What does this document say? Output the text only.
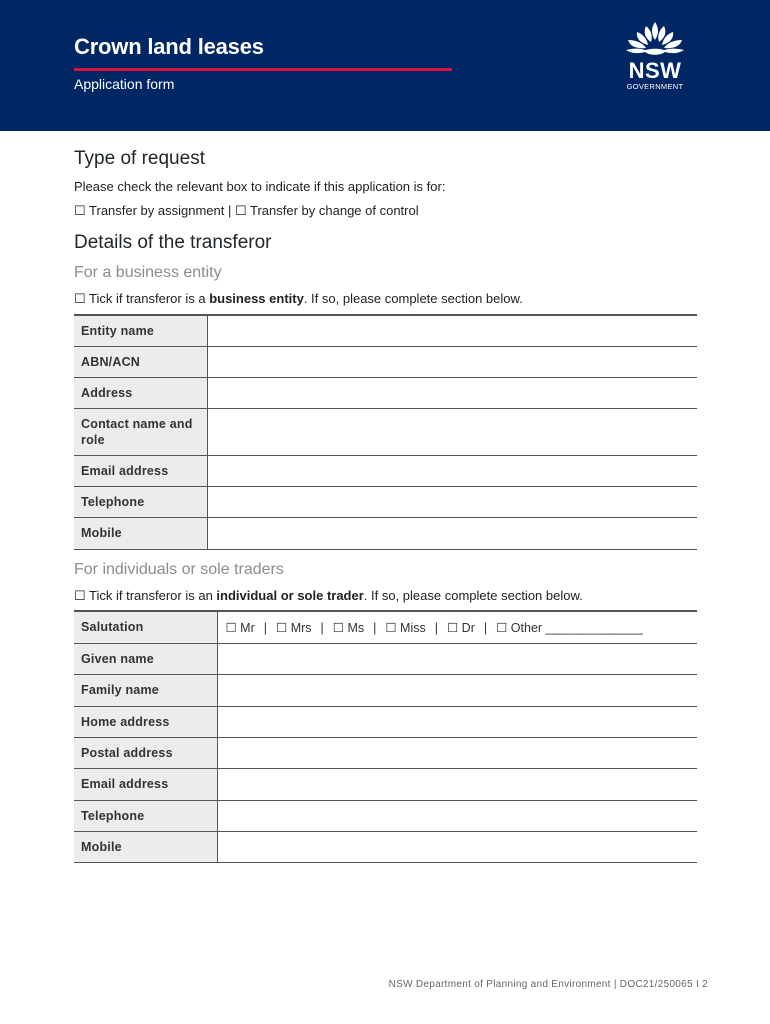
Crown land leases
Application form
NSW
GOVERNMENT
Type of request
Please check the relevant box to indicate if this application is for:
☐ Transfer by assignment | ☐ Transfer by change of control
Details of the transferor
For a business entity
☐ Tick if transferor is a business entity. If so, please complete section below.
Entity name	
ABN/ACN	
Address	
Contact name and role	
Email address	
Telephone	
Mobile	
For individuals or sole traders
☐ Tick if transferor is an individual or sole trader. If so, please complete section below.
Salutation	☐ Mr | ☐ Mrs | ☐ Ms | ☐ Miss | ☐ Dr | ☐ Other ______________
Given name	
Family name	
Home address	
Postal address	
Email address	
Telephone	
Mobile	
NSW Department of Planning and Environment | DOC21/250065 I 2
